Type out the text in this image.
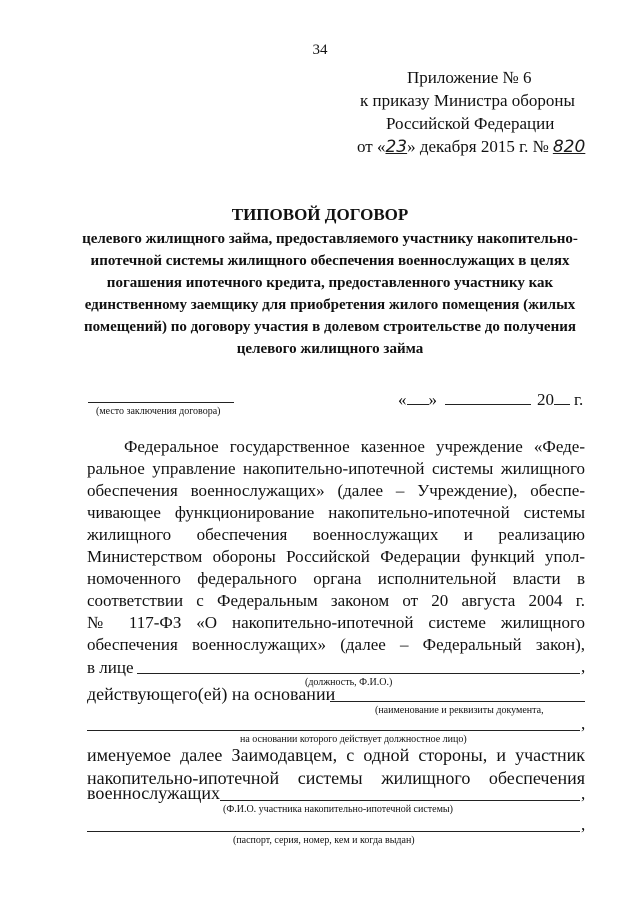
34
Приложение № 6
к приказу Министра обороны
Российской Федерации
от «23» декабря 2015 г. № 820
ТИПОВОЙ ДОГОВОР
целевого жилищного займа, предоставляемого участнику накопительно-ипотечной системы жилищного обеспечения военнослужащих в целях погашения ипотечного кредита, предоставленного участнику как единственному заемщику для приобретения жилого помещения (жилых помещений) по договору участия в долевом строительстве до получения целевого жилищного займа
(место заключения договора)
« »	20 г.
Федеральное государственное казенное учреждение «Феде-
ральное управление накопительно-ипотечной системы жилищного
обеспечения военнослужащих» (далее – Учреждение), обеспе-
чивающее функционирование накопительно-ипотечной системы
жилищного обеспечения военнослужащих и реализацию
Министерством обороны Российской Федерации функций упол-
номоченного федерального органа исполнительной власти в
соответствии с Федеральным законом от 20 августа 2004 г.
№ 117-ФЗ «О накопительно-ипотечной системе жилищного
обеспечения военнослужащих» (далее – Федеральный закон),
в лице	,
(должность, Ф.И.О.)
действующего(ей) на основании
(наименование и реквизиты документа,
,
на основании которого действует должностное лицо)
именуемое далее Заимодавцем, с одной стороны, и участник
накопительно-ипотечной системы жилищного обеспечения
военнослужащих	,
(Ф.И.О. участника накопительно-ипотечной системы)
,
(паспорт, серия, номер, кем и когда выдан)
